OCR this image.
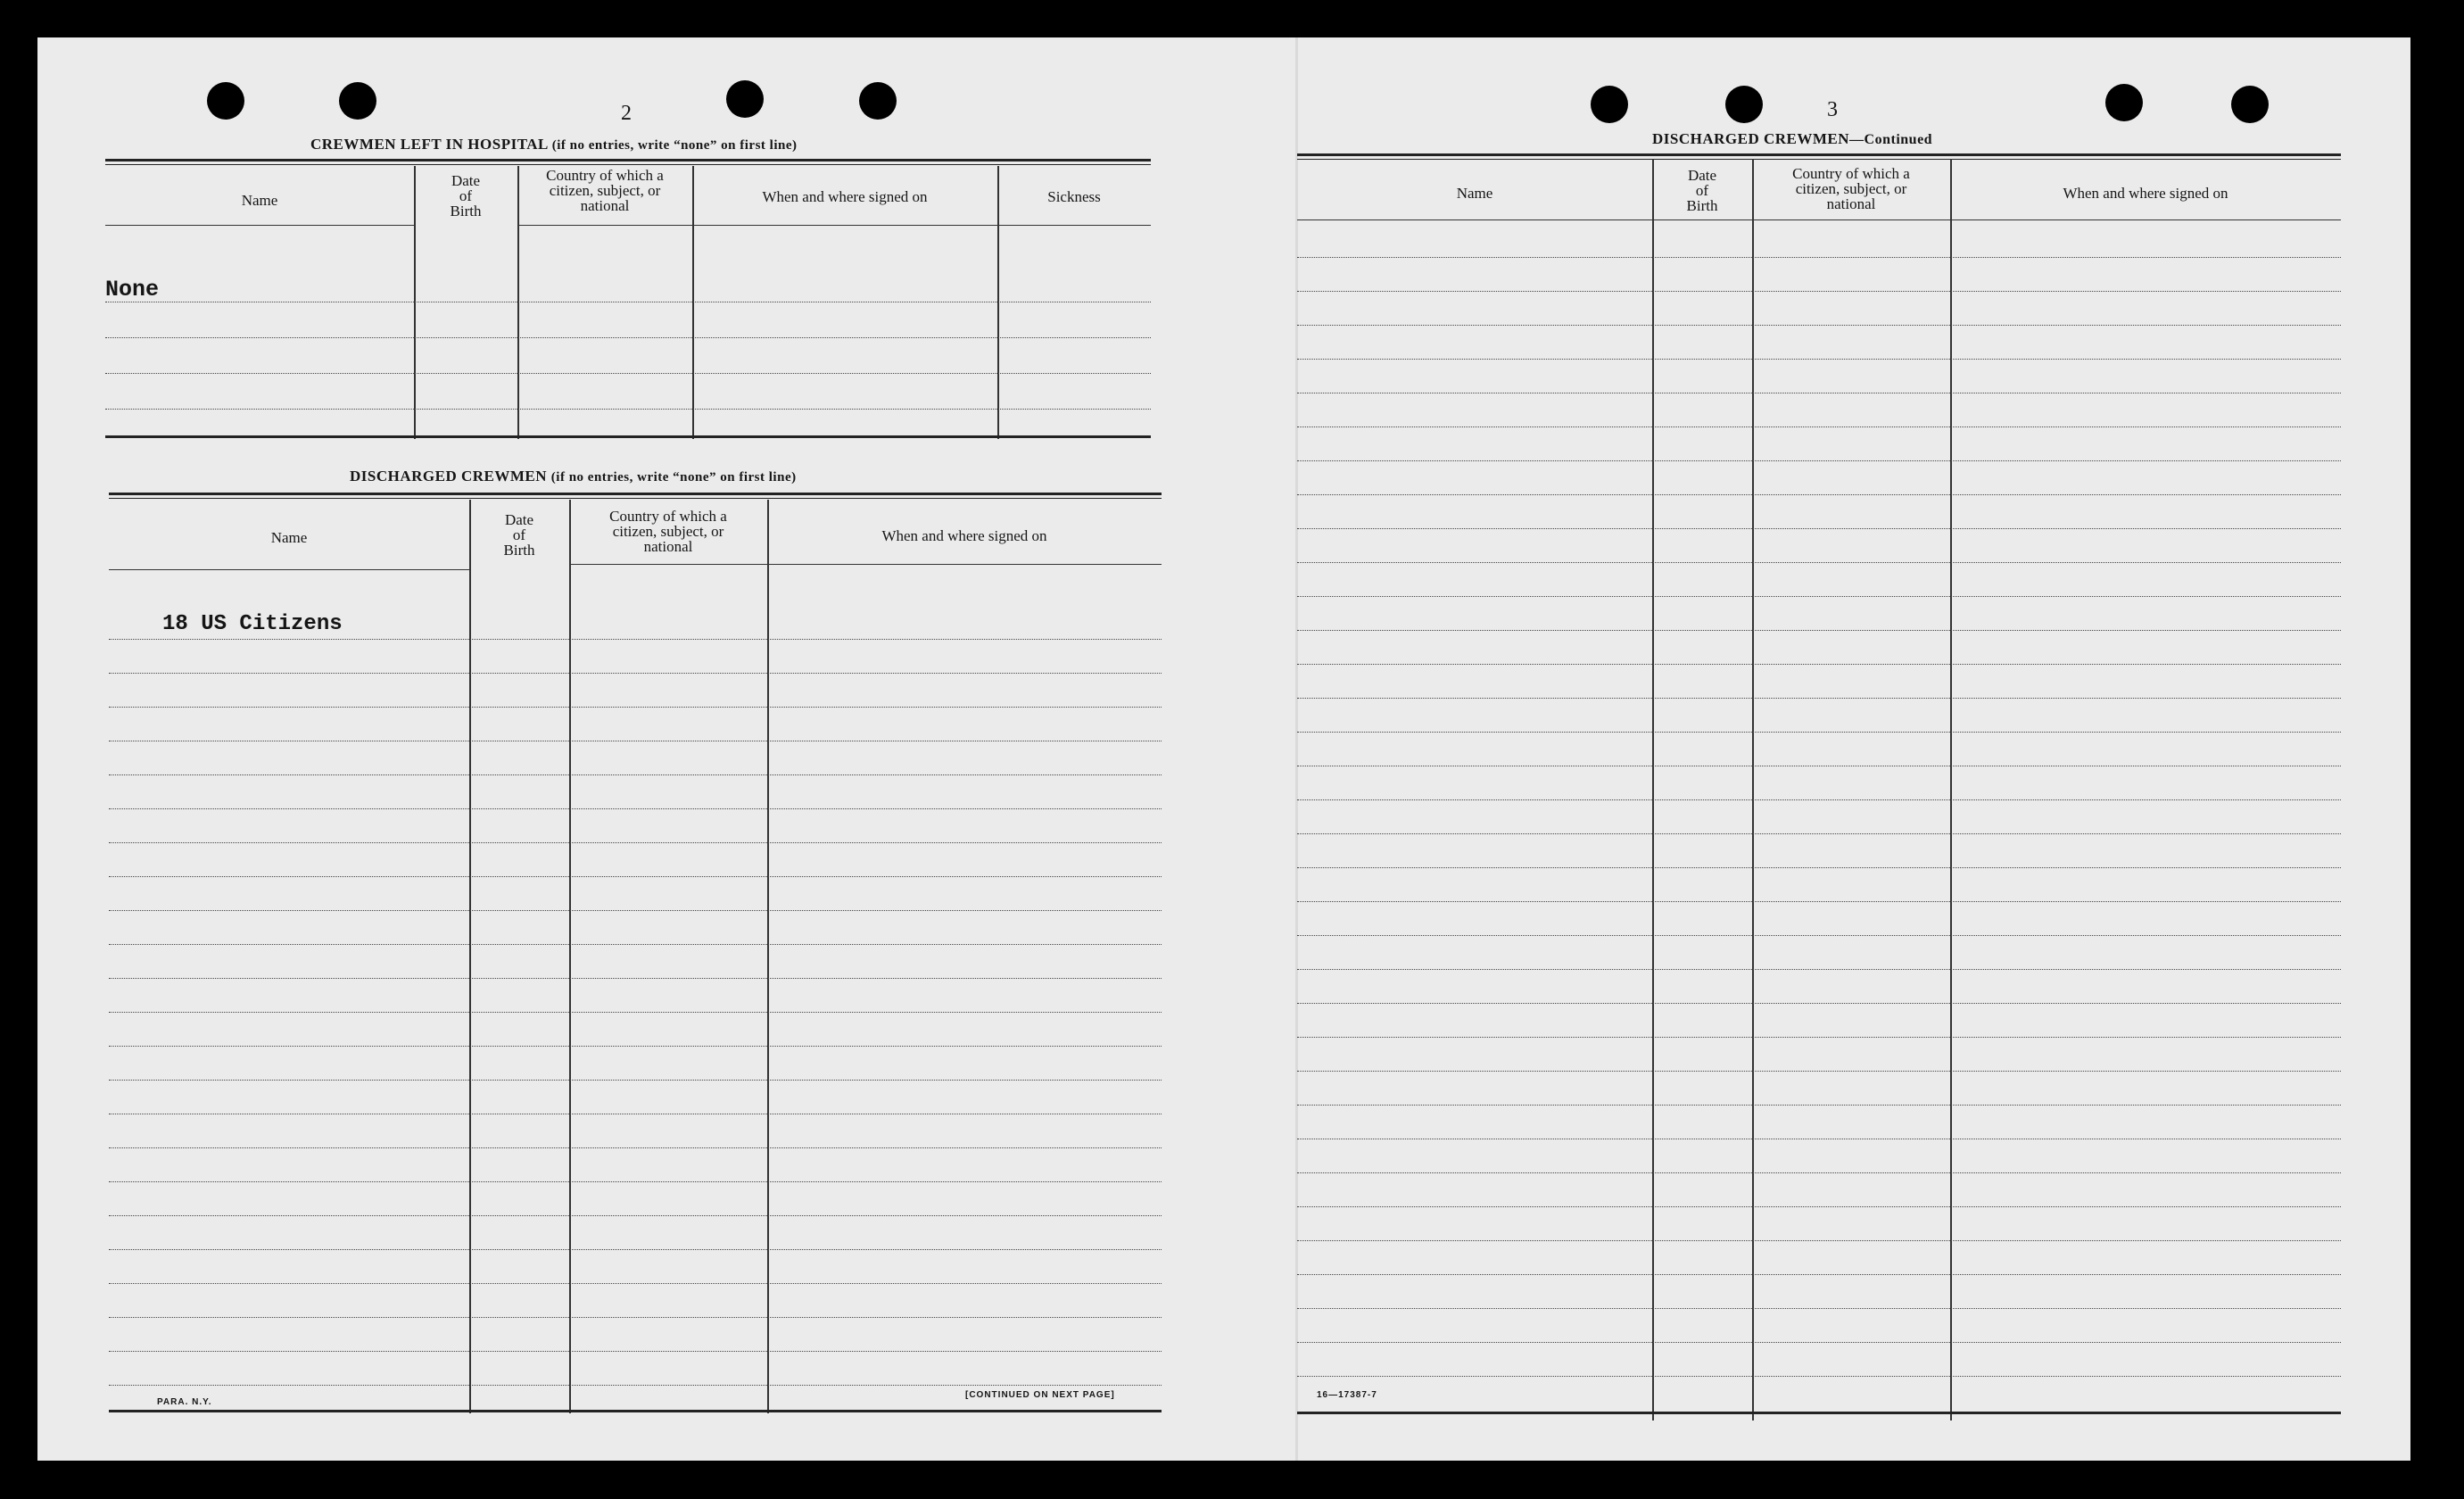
2
CREWMEN LEFT IN HOSPITAL (if no entries, write “none” on first line)
Name
Date
of
Birth
Country of which a
citizen, subject, or
national
When and where signed on	Sickness
None
DISCHARGED CREWMEN (if no entries, write “none” on first line)
Name
Date
of
Birth
Country of which a
citizen, subject, or
national
When and where signed on
18 US Citizens
PARA. N.Y.
[CONTINUED ON NEXT PAGE]
3
DISCHARGED CREWMEN—Continued
Name
Date
of
Birth
Country of which a
citizen, subject, or
national
When and where signed on
16—17387-7
